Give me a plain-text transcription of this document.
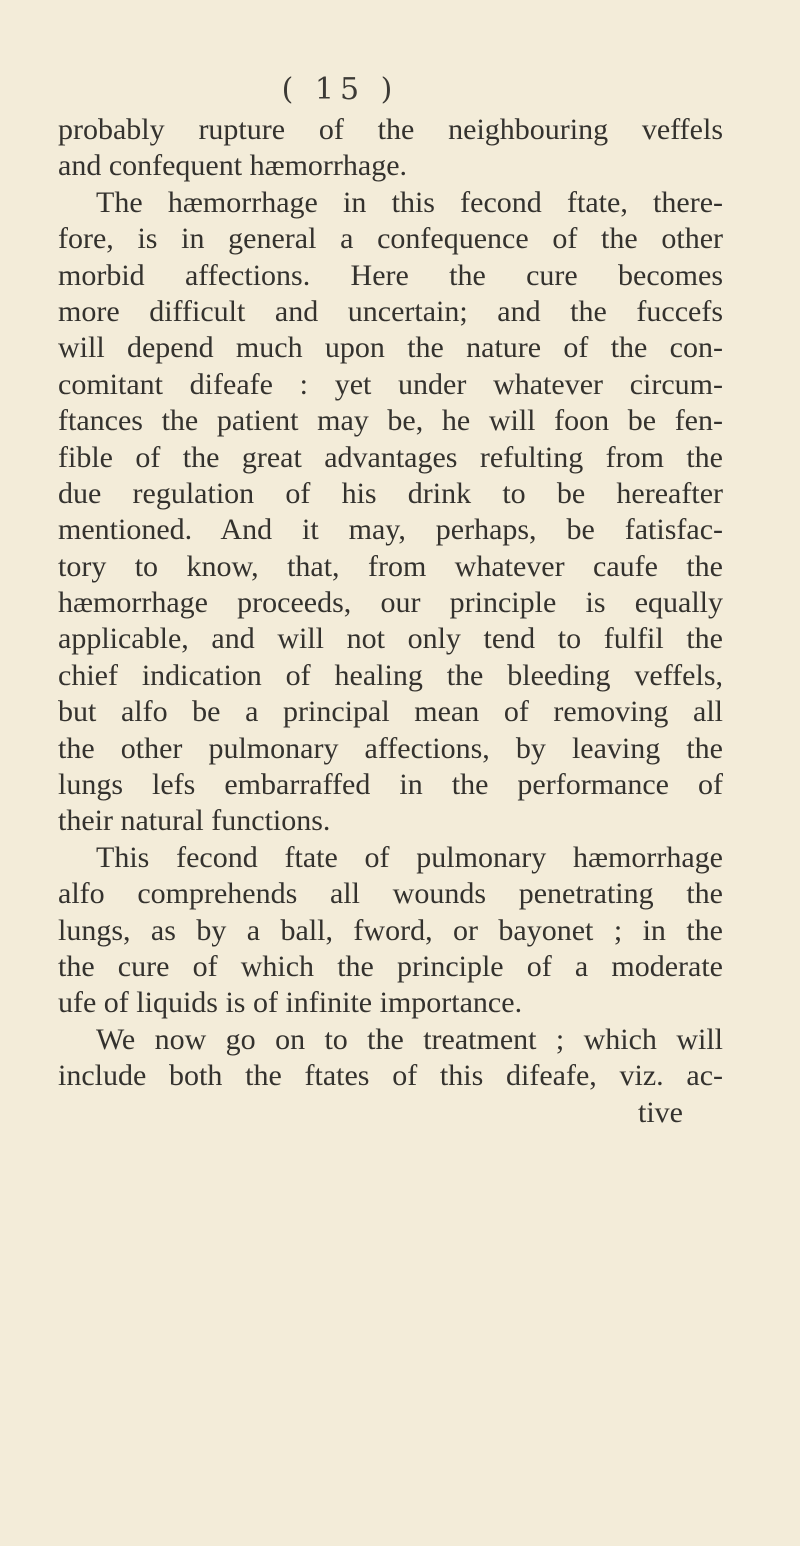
( 15 )
probably rupture of the neighbouring veffels
and confequent hæmorrhage.
The hæmorrhage in this fecond ftate, there-
fore, is in general a confequence of the other
morbid affections. Here the cure becomes
more difficult and uncertain; and the fuccefs
will depend much upon the nature of the con-
comitant difeafe : yet under whatever circum-
ftances the patient may be, he will foon be fen-
fible of the great advantages refulting from the
due regulation of his drink to be hereafter
mentioned. And it may, perhaps, be fatisfac-
tory to know, that, from whatever caufe the
hæmorrhage proceeds, our principle is equally
applicable, and will not only tend to fulfil the
chief indication of healing the bleeding veffels,
but alfo be a principal mean of removing all
the other pulmonary affections, by leaving the
lungs lefs embarraffed in the performance of
their natural functions.
This fecond ftate of pulmonary hæmorrhage
alfo comprehends all wounds penetrating the
lungs, as by a ball, fword, or bayonet ; in the
the cure of which the principle of a moderate
ufe of liquids is of infinite importance.
We now go on to the treatment ; which will
include both the ftates of this difeafe, viz. ac-
tive
